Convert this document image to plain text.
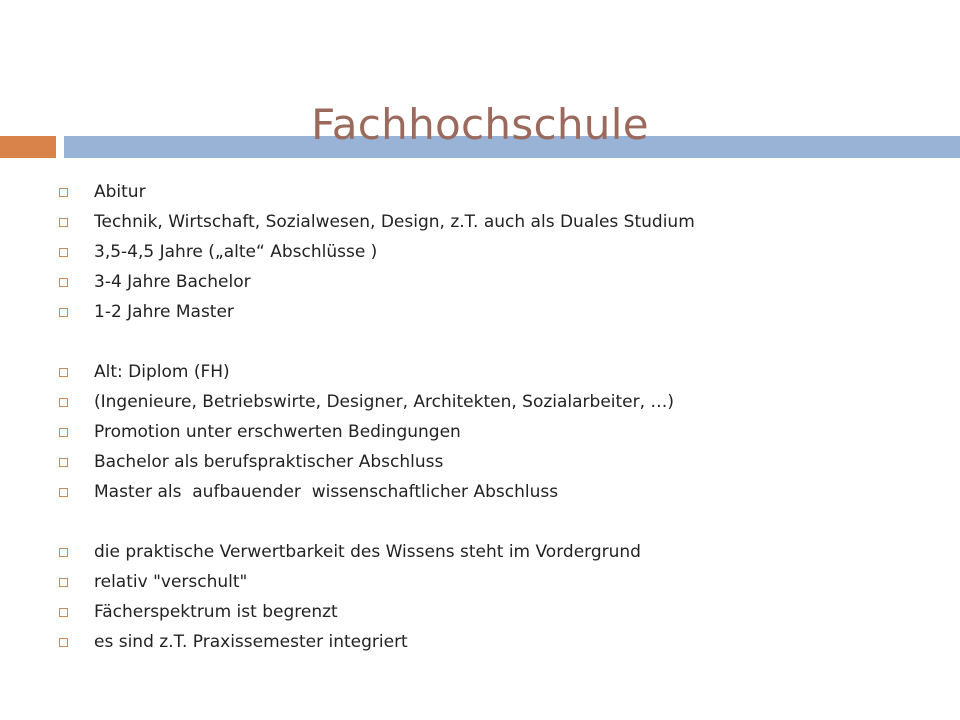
Fachhochschule
Abitur
Technik, Wirtschaft, Sozialwesen, Design, z.T. auch als Duales Studium
3,5-4,5 Jahre („alte“ Abschlüsse )
3-4 Jahre Bachelor
1-2 Jahre Master
Alt: Diplom (FH)
(Ingenieure, Betriebswirte, Designer, Architekten, Sozialarbeiter, …)
Promotion unter erschwerten Bedingungen
Bachelor als berufspraktischer Abschluss
Master als  aufbauender  wissenschaftlicher Abschluss
die praktische Verwertbarkeit des Wissens steht im Vordergrund
relativ "verschult"
Fächerspektrum ist begrenzt
es sind z.T. Praxissemester integriert
